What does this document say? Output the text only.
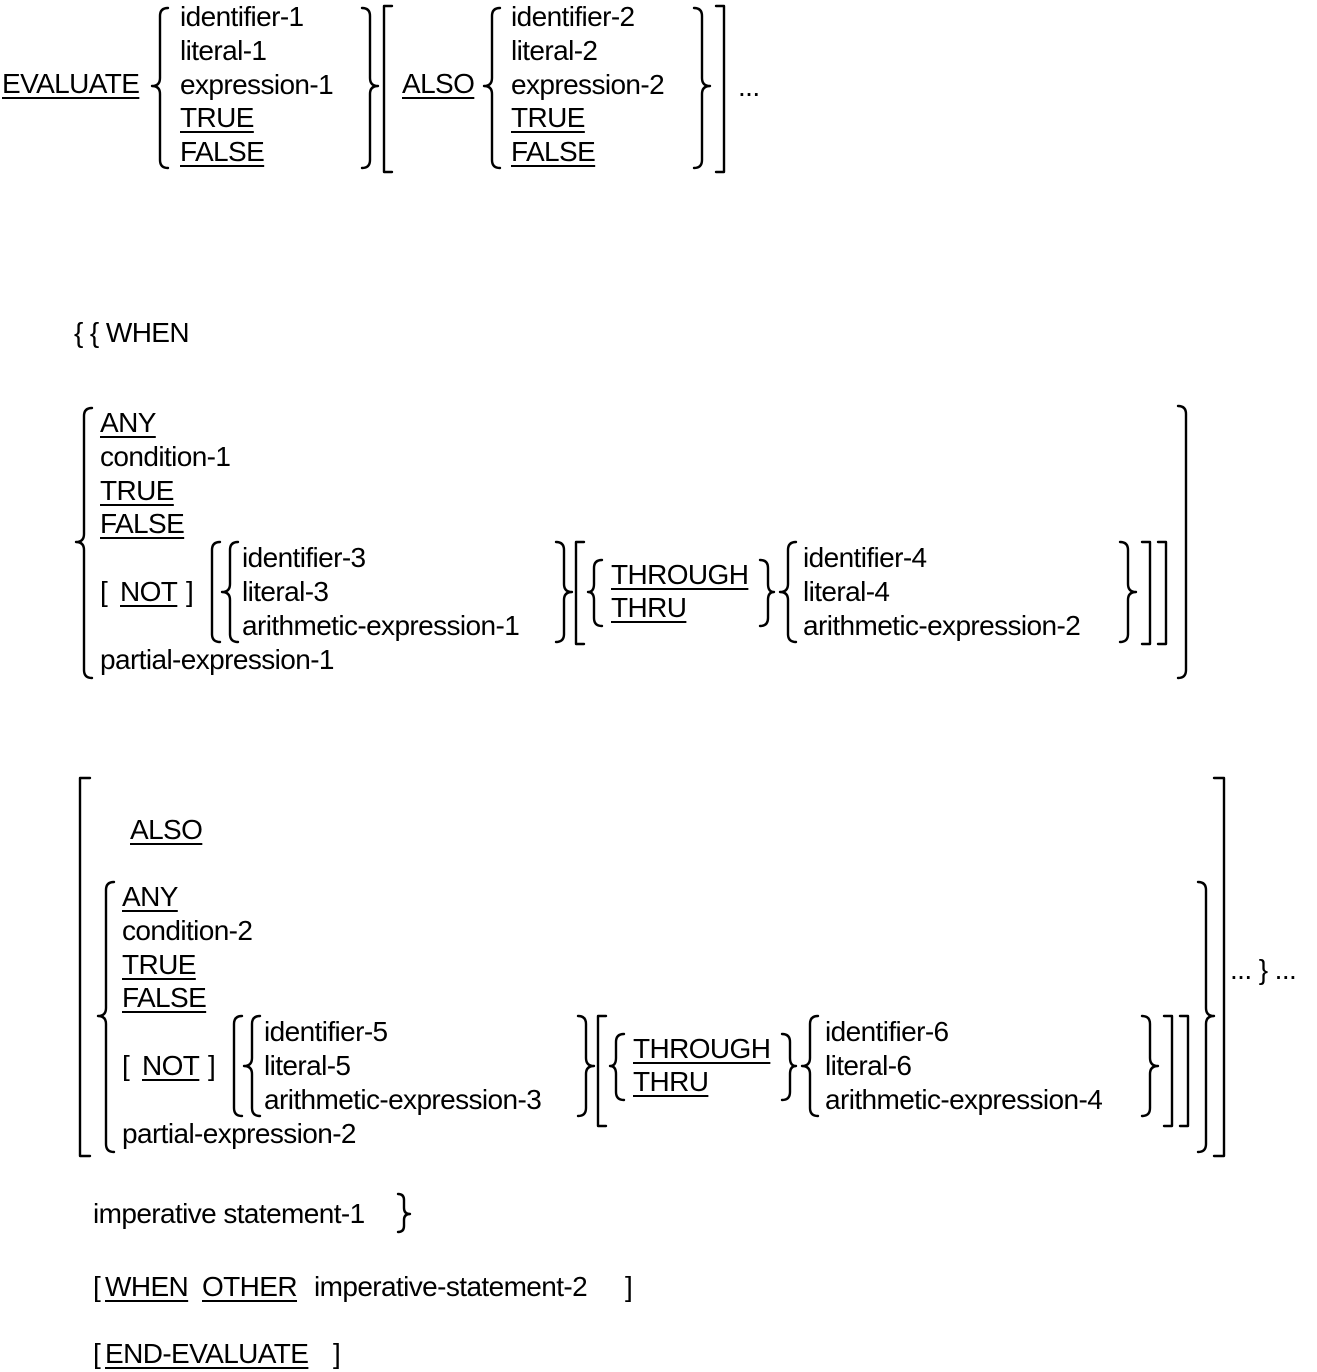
EVALUATE
identifier-1
literal-1
expression-1
TRUE
FALSE
ALSO
identifier-2
literal-2
expression-2
TRUE
FALSE
...
{ { WHEN
ANY
condition-1
TRUE
FALSE
[ NOT ]
identifier-3
literal-3
arithmetic-expression-1
THROUGH
THRU
identifier-4
literal-4
arithmetic-expression-2
partial-expression-1
ALSO
ANY
condition-2
TRUE
FALSE
[ NOT ]
identifier-5
literal-5
arithmetic-expression-3
THROUGH
THRU
identifier-6
literal-6
arithmetic-expression-4
partial-expression-2
... } ...
imperative statement-1
[ WHEN OTHER imperative-statement-2 ]
[ END-EVALUATE ]
